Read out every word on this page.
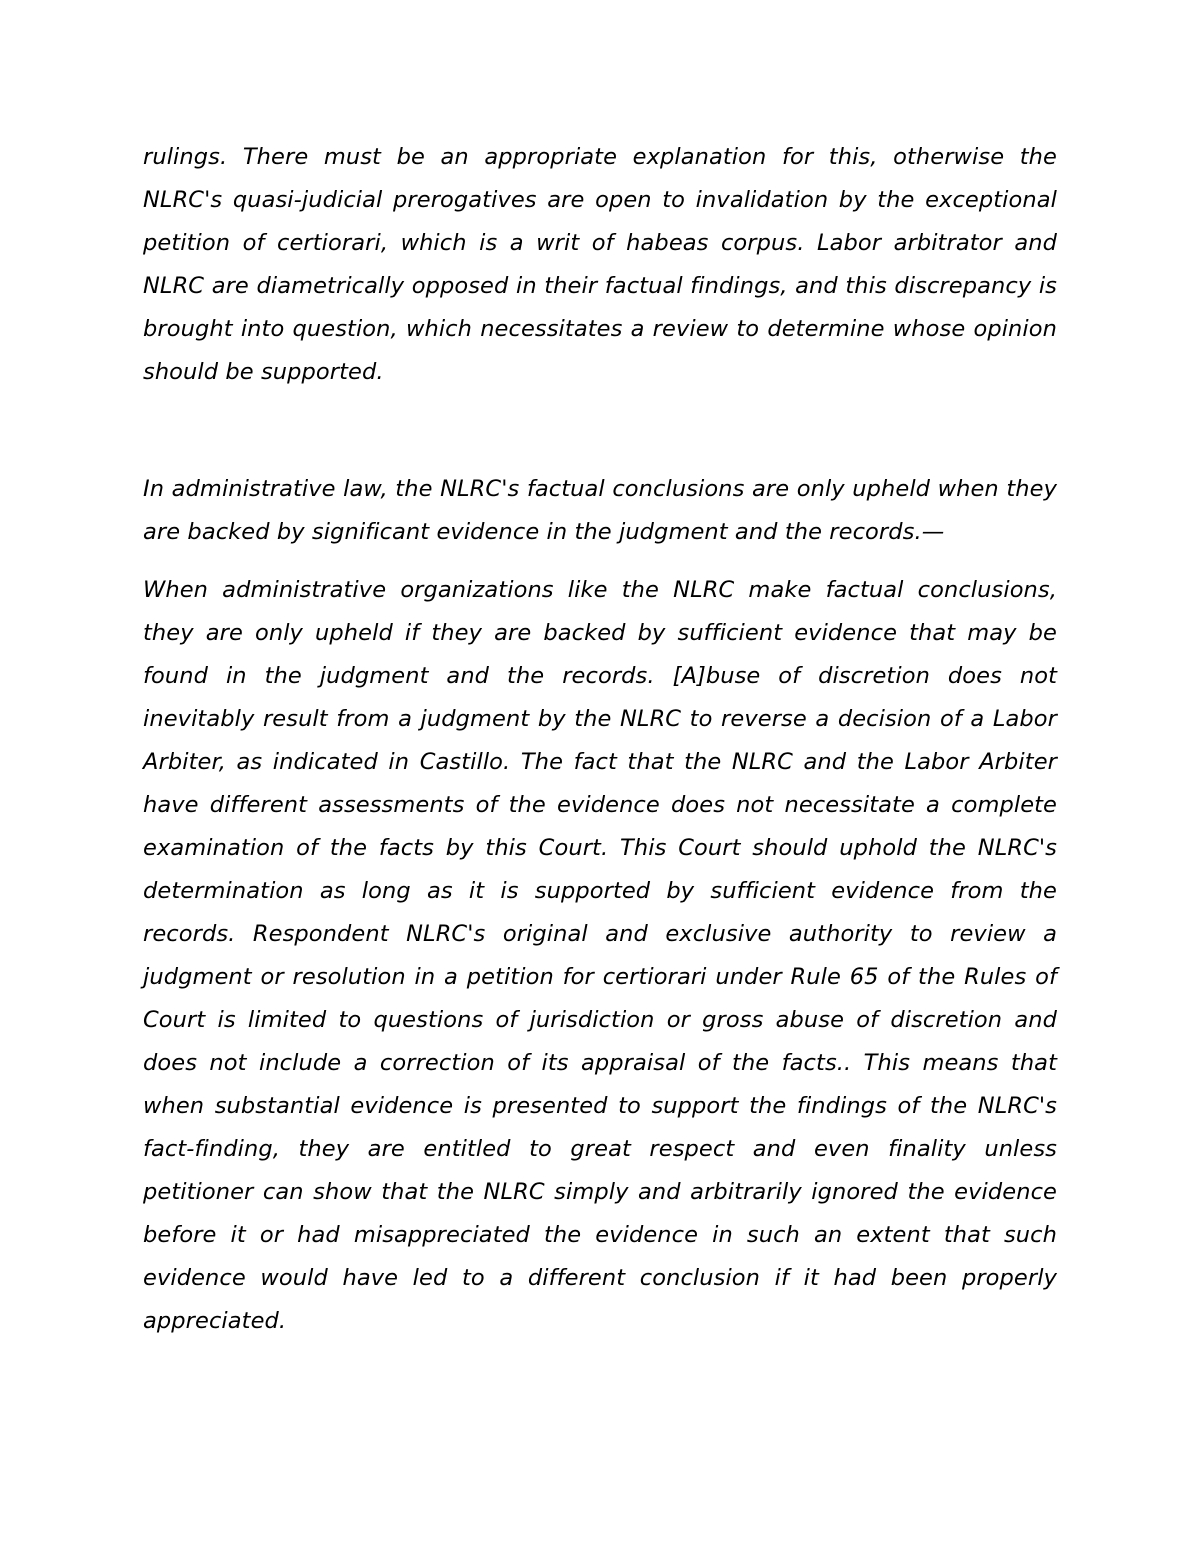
rulings. There must be an appropriate explanation for this, otherwise the NLRC's quasi-judicial prerogatives are open to invalidation by the exceptional petition of certiorari, which is a writ of habeas corpus. Labor arbitrator and NLRC are diametrically opposed in their factual findings, and this discrepancy is brought into question, which necessitates a review to determine whose opinion should be supported.

In administrative law, the NLRC's factual conclusions are only upheld when they are backed by significant evidence in the judgment and the records.—

When administrative organizations like the NLRC make factual conclusions, they are only upheld if they are backed by sufficient evidence that may be found in the judgment and the records. [A]buse of discretion does not inevitably result from a judgment by the NLRC to reverse a decision of a Labor Arbiter, as indicated in Castillo. The fact that the NLRC and the Labor Arbiter have different assessments of the evidence does not necessitate a complete examination of the facts by this Court. This Court should uphold the NLRC's determination as long as it is supported by sufficient evidence from the records. Respondent NLRC's original and exclusive authority to review a judgment or resolution in a petition for certiorari under Rule 65 of the Rules of Court is limited to questions of jurisdiction or gross abuse of discretion and does not include a correction of its appraisal of the facts.. This means that when substantial evidence is presented to support the findings of the NLRC's fact-finding, they are entitled to great respect and even finality unless petitioner can show that the NLRC simply and arbitrarily ignored the evidence before it or had misappreciated the evidence in such an extent that such evidence would have led to a different conclusion if it had been properly appreciated.
